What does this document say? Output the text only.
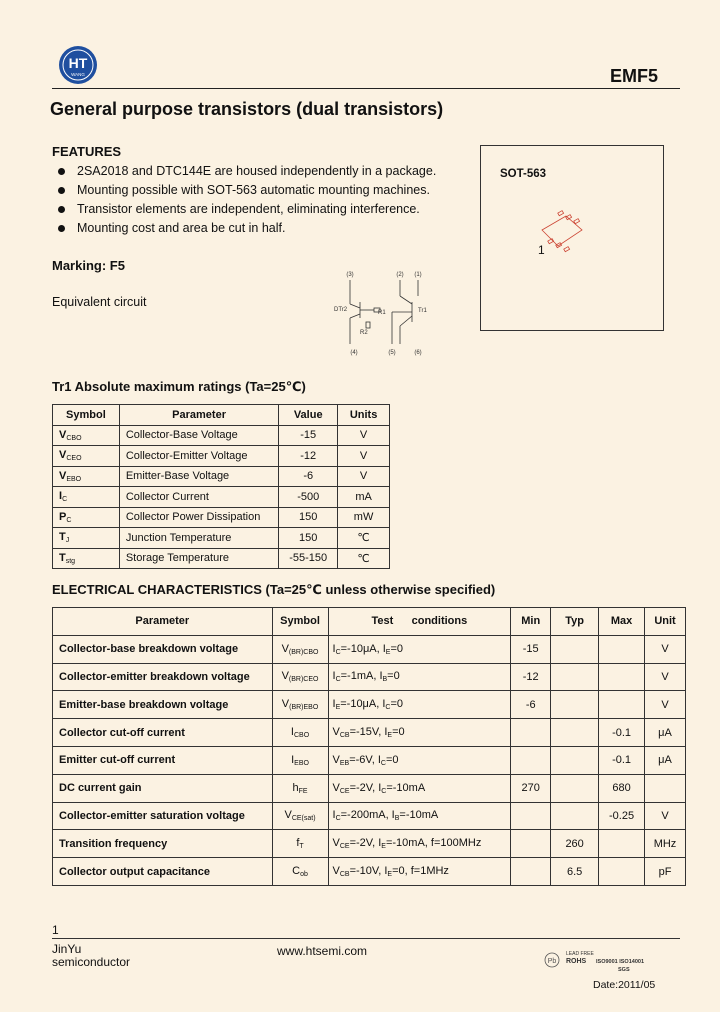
HT
WANG	EMF5
General purpose transistors (dual transistors)
FEATURES
2SA2018 and DTC144E are housed independently in a package.
Mounting possible with SOT-563 automatic mounting machines.
Transistor elements are independent, eliminating interference.
Mounting cost and area be cut in half.
Marking: F5
Equivalent circuit
(3)	(2) (1)
(4)	(5)	(6)
DTr2	Tr1
R1
R2
SOT-563
1
Tr1 Absolute maximum ratings (Ta=25℃)
Symbol	Parameter	Value	Units
$V_{CBO}$	Collector-Base Voltage	-15	V
$V_{CEO}$	Collector-Emitter Voltage	-12	V
$V_{EBO}$	Emitter-Base Voltage	-6	V
$I_C$	Collector Current	-500	mA
$P_C$	Collector Power Dissipation	150	mW
$T_J$	Junction Temperature	150	℃
$T_{stg}$	Storage Temperature	-55-150	℃
ELECTRICAL CHARACTERISTICS (Ta=25℃ unless otherwise specified)
Parameter	Symbol	Test      conditions	Min	Typ	Max	Unit
Collector-base breakdown voltage	$V_{(BR)CBO}$	$I_C=-10\mu A$, $I_E=0$	-15			V
Collector-emitter breakdown voltage	$V_{(BR)CEO}$	$I_C=-1mA$, $I_B=0$	-12			V
Emitter-base breakdown voltage	$V_{(BR)EBO}$	$I_E=-10\mu A$, $I_C=0$	-6			V
Collector cut-off current	$I_{CBO}$	$V_{CB}=-15V$, $I_E=0$			-0.1	μA
Emitter cut-off current	$I_{EBO}$	$V_{EB}=-6V$, $I_C=0$			-0.1	μA
DC current gain	$h_{FE}$	$V_{CE}=-2V$, $I_C=-10mA$	270		680	
Collector-emitter saturation voltage	$V_{CE(sat)}$	$I_C=-200mA$, $I_B=-10mA$			-0.25	V
Transition frequency	$f_T$	$V_{CE}=-2V$, $I_E=-10mA$, f=100MHz		260		MHz
Collector output capacitance	$C_{ob}$	$V_{CB}=-10V$, $I_E=0$, f=1MHz		6.5		pF
1
JinYu
semiconductor
www.htsemi.com
Pb
LEAD FREE
ROHS ISO9001 ISO14001
SGS
Date:2011/05
